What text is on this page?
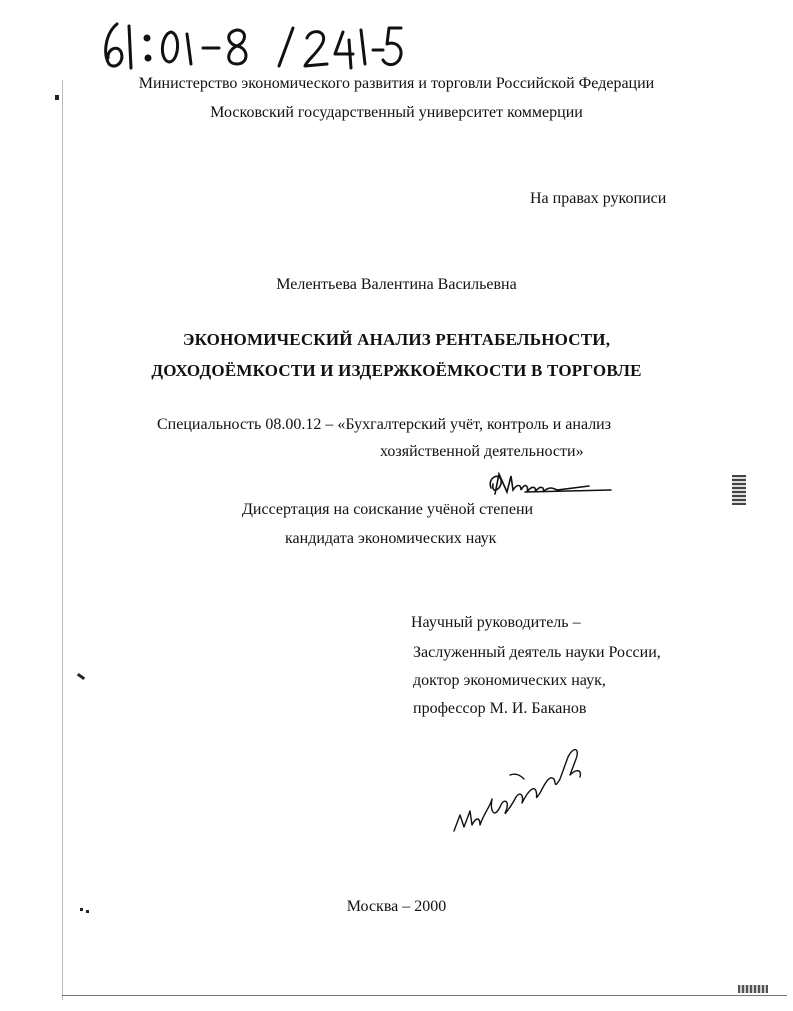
Министерство экономического развития и торговли Российской Федерации
Московский государственный университет коммерции
На правах рукописи
Мелентьева Валентина Васильевна
ЭКОНОМИЧЕСКИЙ АНАЛИЗ РЕНТАБЕЛЬНОСТИ,
ДОХОДОЁМКОСТИ И ИЗДЕРЖКОЁМКОСТИ В ТОРГОВЛЕ
Специальность 08.00.12 – «Бухгалтерский учёт, контроль и анализ
хозяйственной деятельности»
Диссертация на соискание учёной степени
кандидата экономических наук
Научный руководитель –
Заслуженный деятель науки России,
доктор экономических наук,
профессор М. И. Баканов
Москва – 2000
